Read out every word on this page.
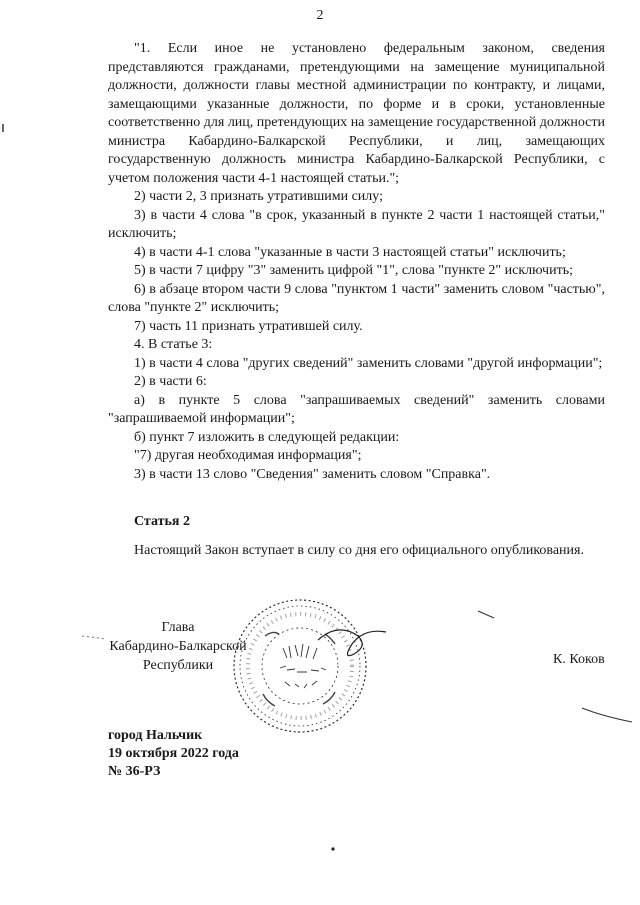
2

"1. Если иное не установлено федеральным законом, сведения представляются гражданами, претендующими на замещение муниципальной должности, должности главы местной администрации по контракту, и лицами, замещающими указанные должности, по форме и в сроки, установленные соответственно для лиц, претендующих на замещение государственной должности министра Кабардино-Балкарской Республики, и лиц, замещающих государственную должность министра Кабардино-Балкарской Республики, с учетом положения части 4-1 настоящей статьи.";

2) части 2, 3 признать утратившими силу;

3) в части 4 слова "в срок, указанный в пункте 2 части 1 настоящей статьи," исключить;

4) в части 4-1 слова "указанные в части 3 настоящей статьи" исключить;

5) в части 7 цифру "3" заменить цифрой "1", слова "пункте 2" исключить;

6) в абзаце втором части 9 слова "пунктом 1 части" заменить словом "частью", слова "пункте 2" исключить;

7) часть 11 признать утратившей силу.

4. В статье 3:

1) в части 4 слова "других сведений" заменить словами "другой информации";

2) в части 6:

а) в пункте 5 слова "запрашиваемых сведений" заменить словами "запрашиваемой информации";

б) пункт 7 изложить в следующей редакции:

"7) другая необходимая информация";

3) в части 13 слово "Сведения" заменить словом "Справка".

Статья 2
Настоящий Закон вступает в силу со дня его официального опубликования.
Глава
Кабардино-Балкарской
Республики	К. Коков
город Нальчик
19 октября 2022 года
№ 36-РЗ
